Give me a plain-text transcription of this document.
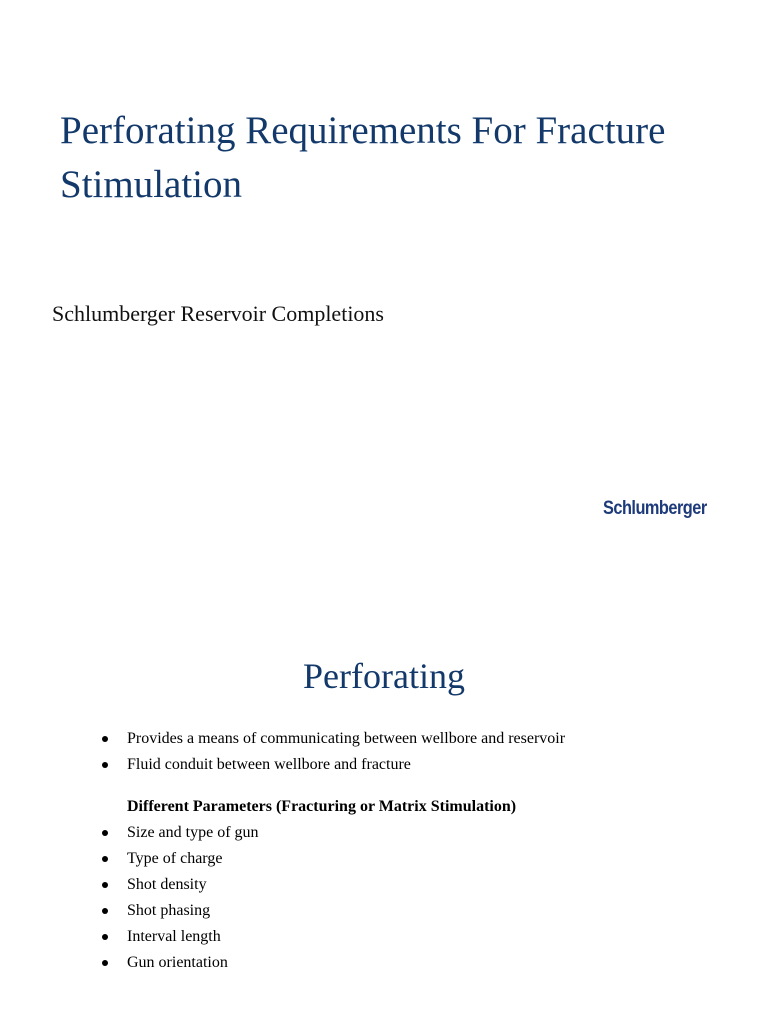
Perforating Requirements For Fracture Stimulation
Schlumberger Reservoir Completions
Schlumberger
Perforating
Provides a means of communicating between wellbore and reservoir
Fluid conduit between wellbore and fracture
Different Parameters (Fracturing or Matrix Stimulation)
Size and type of gun
Type of charge
Shot density
Shot phasing
Interval length
Gun orientation
